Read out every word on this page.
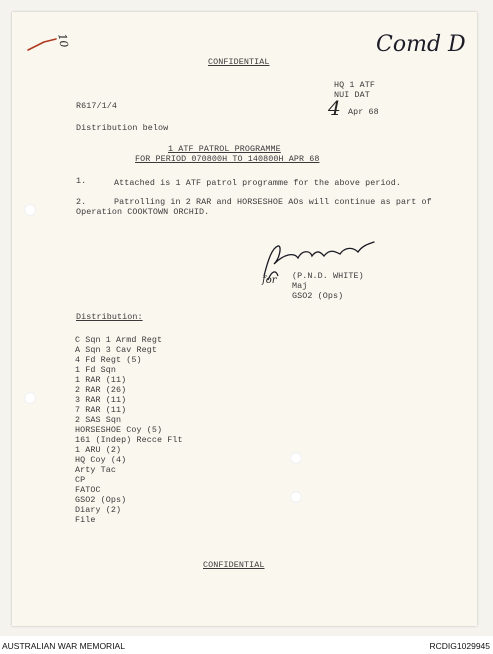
10	Comd D
CONFIDENTIAL
HQ 1 ATF
NUI DAT
4 Apr 68
R617/1/4
Distribution below
1 ATF PATROL PROGRAMME
FOR PERIOD 070800H TO 140800H APR 68
1.	Attached is 1 ATF patrol programme for the above period.
2.	Patrolling in 2 RAR and HORSESHOE AOs will continue as part of
Operation COOKTOWN ORCHID.
for (P.N.D. WHITE)
Maj
GSO2 (Ops)
Distribution:
C Sqn 1 Armd Regt
A Sqn 3 Cav Regt
4 Fd Regt (5)
1 Fd Sqn
1 RAR (11)
2 RAR (26)
3 RAR (11)
7 RAR (11)
2 SAS Sqn
HORSESHOE Coy (5)
161 (Indep) Recce Flt
1 ARU (2)
HQ Coy (4)
Arty Tac
CP
FATOC
GSO2 (Ops)
Diary (2)
File
CONFIDENTIAL
AUSTRALIAN WAR MEMORIAL	RCDIG1029945
